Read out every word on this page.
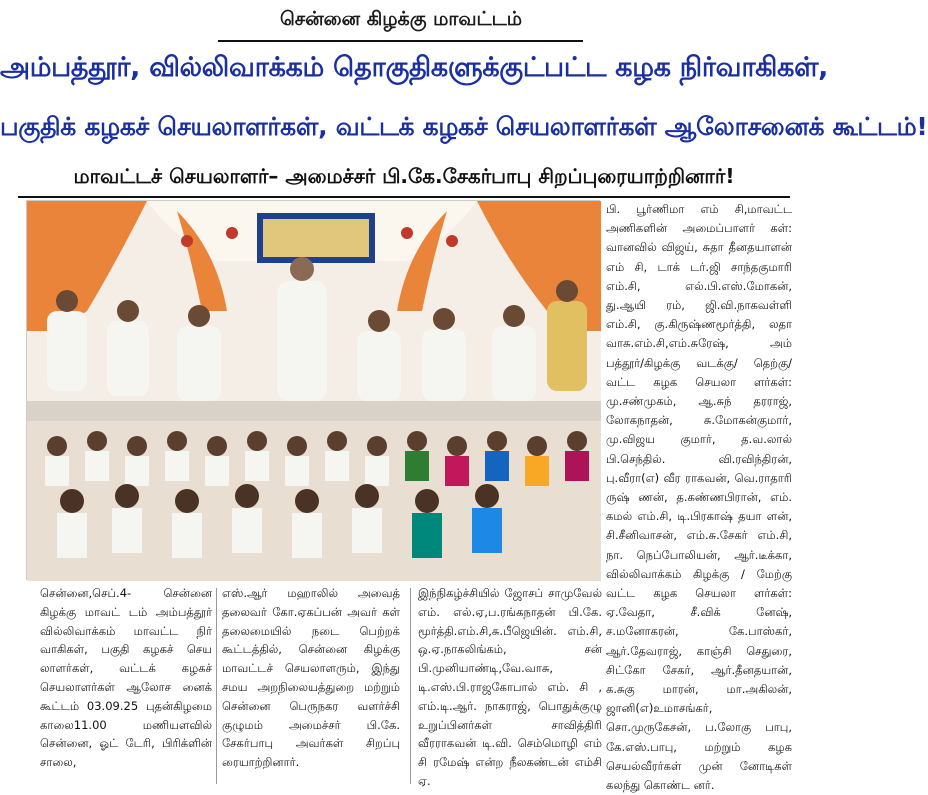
சென்னை கிழக்கு மாவட்டம்
அம்பத்தூர், வில்லிவாக்கம் தொகுதிகளுக்குட்பட்ட கழக நிர்வாகிகள்,
பகுதிக் கழகச் செயலாளர்கள், வட்டக் கழகச் செயலாளர்கள் ஆலோசனைக் கூட்டம்!
மாவட்டச் செயலாளர்– அமைச்சர் பி.கே.சேகர்பாபு சிறப்புரையாற்றினார்!
பி. பூர்ணிமா எம் சி,மாவட்ட அணிகளின் அமைப்பாளர் கள்: வானவில் விஜய், சுதா தீனதயாளன் எம் சி, டாக் டர்.ஜி சாந்தகுமாரி எம்.சி, எல்.பி.எஸ்.மோகன், து.ஆயி ரம், ஜி.வி.நாகவள்ளி எம்.சி, கு.கிருஷ்ணமூர்த்தி, லதா வாசு.எம்.சி,எம்.சுரேஷ், அம் பத்தூர்/கிழக்கு வடக்கு/ தெற்கு/ வட்ட கழக செயலா ளர்கள்: மு.சண்முகம், ஆ.சுந் தரராஜ், லோகநாதன், சு.மோகன்குமார், மு.விஜய குமார், த.வ.லால் பி.செந்தில். வி.ரவிந்திரன், பு.வீரா(எ) வீர ராகவன், வெ.ராதாரி ருஷ் ணன், த.கண்ணபிரான், எம். கமல் எம்.சி, டி.பிரகாஷ் தயா ளன், சி.சீனிவாசன், எம்.சு.சேகர் எம்.சி, நா. நெப்போலியன், ஆர்.டீக்கா, வில்லிவாக்கம் கிழக்கு / மேற்கு வட்ட கழக செயலா ளர்கள்: ஏ.வேதா, சீ.விக் னேஷ், ச.மனோகரன், கே.பாஸ்கர், ஆர்.தேவராஜ், காஞ்சி செதுரை, சிட்கோ சேகர், ஆர்.தீனதயான், க.சுகு மாரன், மா.அகிலன், ஜானி(எ)உமாசங்கர், சொ.முருகேசன், ப.லோகு பாபு, கே.எஸ்.பாபு, மற்றும் கழக செயல்வீரர்கள் முன் னோடிகள் கலந்து கொண்ட னர்.
சென்னை,செப்.4- சென்னை கிழக்கு மாவட் டம் அம்பத்தூர் வில்லிவாக்கம் மாவட்ட நிர் வாகிகள், பகுதி கழகச் செய லாளர்கள், வட்டக் கழகச் செயலாளர்கள் ஆலோச னைக் கூட்டம் 03.09.25 புதன்கிழமை காலை11.00 மணியளவில் சென்னை, ஓட் டேரி, பிரிக்ளின் சாலை,
எஸ்.ஆர் மஹாலில் அவைத் தலைவர் கோ.ஏகப்பன் அவர் கள் தலைமையில் நடை பெற்றக் கூட்டத்தில், சென்னை கிழக்கு மாவட்டச் செயலாளரும், இந்து சமய அறநிலையத்துறை மற்றும் சென்னை பெருநகர வளர்ச்சி குழுமம் அமைச்சர் பி.கே. சேகர்பாபு அவர்கள் சிறப்பு ரையாற்றினார்.
இந்நிகழ்ச்சியில் ஜோசப் சாமுவேல் எம். எல்.ஏ,ப.ரங்கநாதன் பி.கே. மூர்த்தி.எம்.சி,சு.பீஜெயின். எம்.சி, ஒ.ஏ.நாகலிங்கம், சன் பி.முனியாண்டி,வே.வாசு, டி.எஸ்.பி.ராஜகோபால் எம். சி , எம்.டி.ஆர். நாகராஜ், பொதுக்குழு உறுப்பினர்கள் சாவித்திரி வீரராகவன் டி.வி. செம்மொழி எம் சி ரமேஷ் என்ற நீலகண்டன் எம்சி ஏ.
